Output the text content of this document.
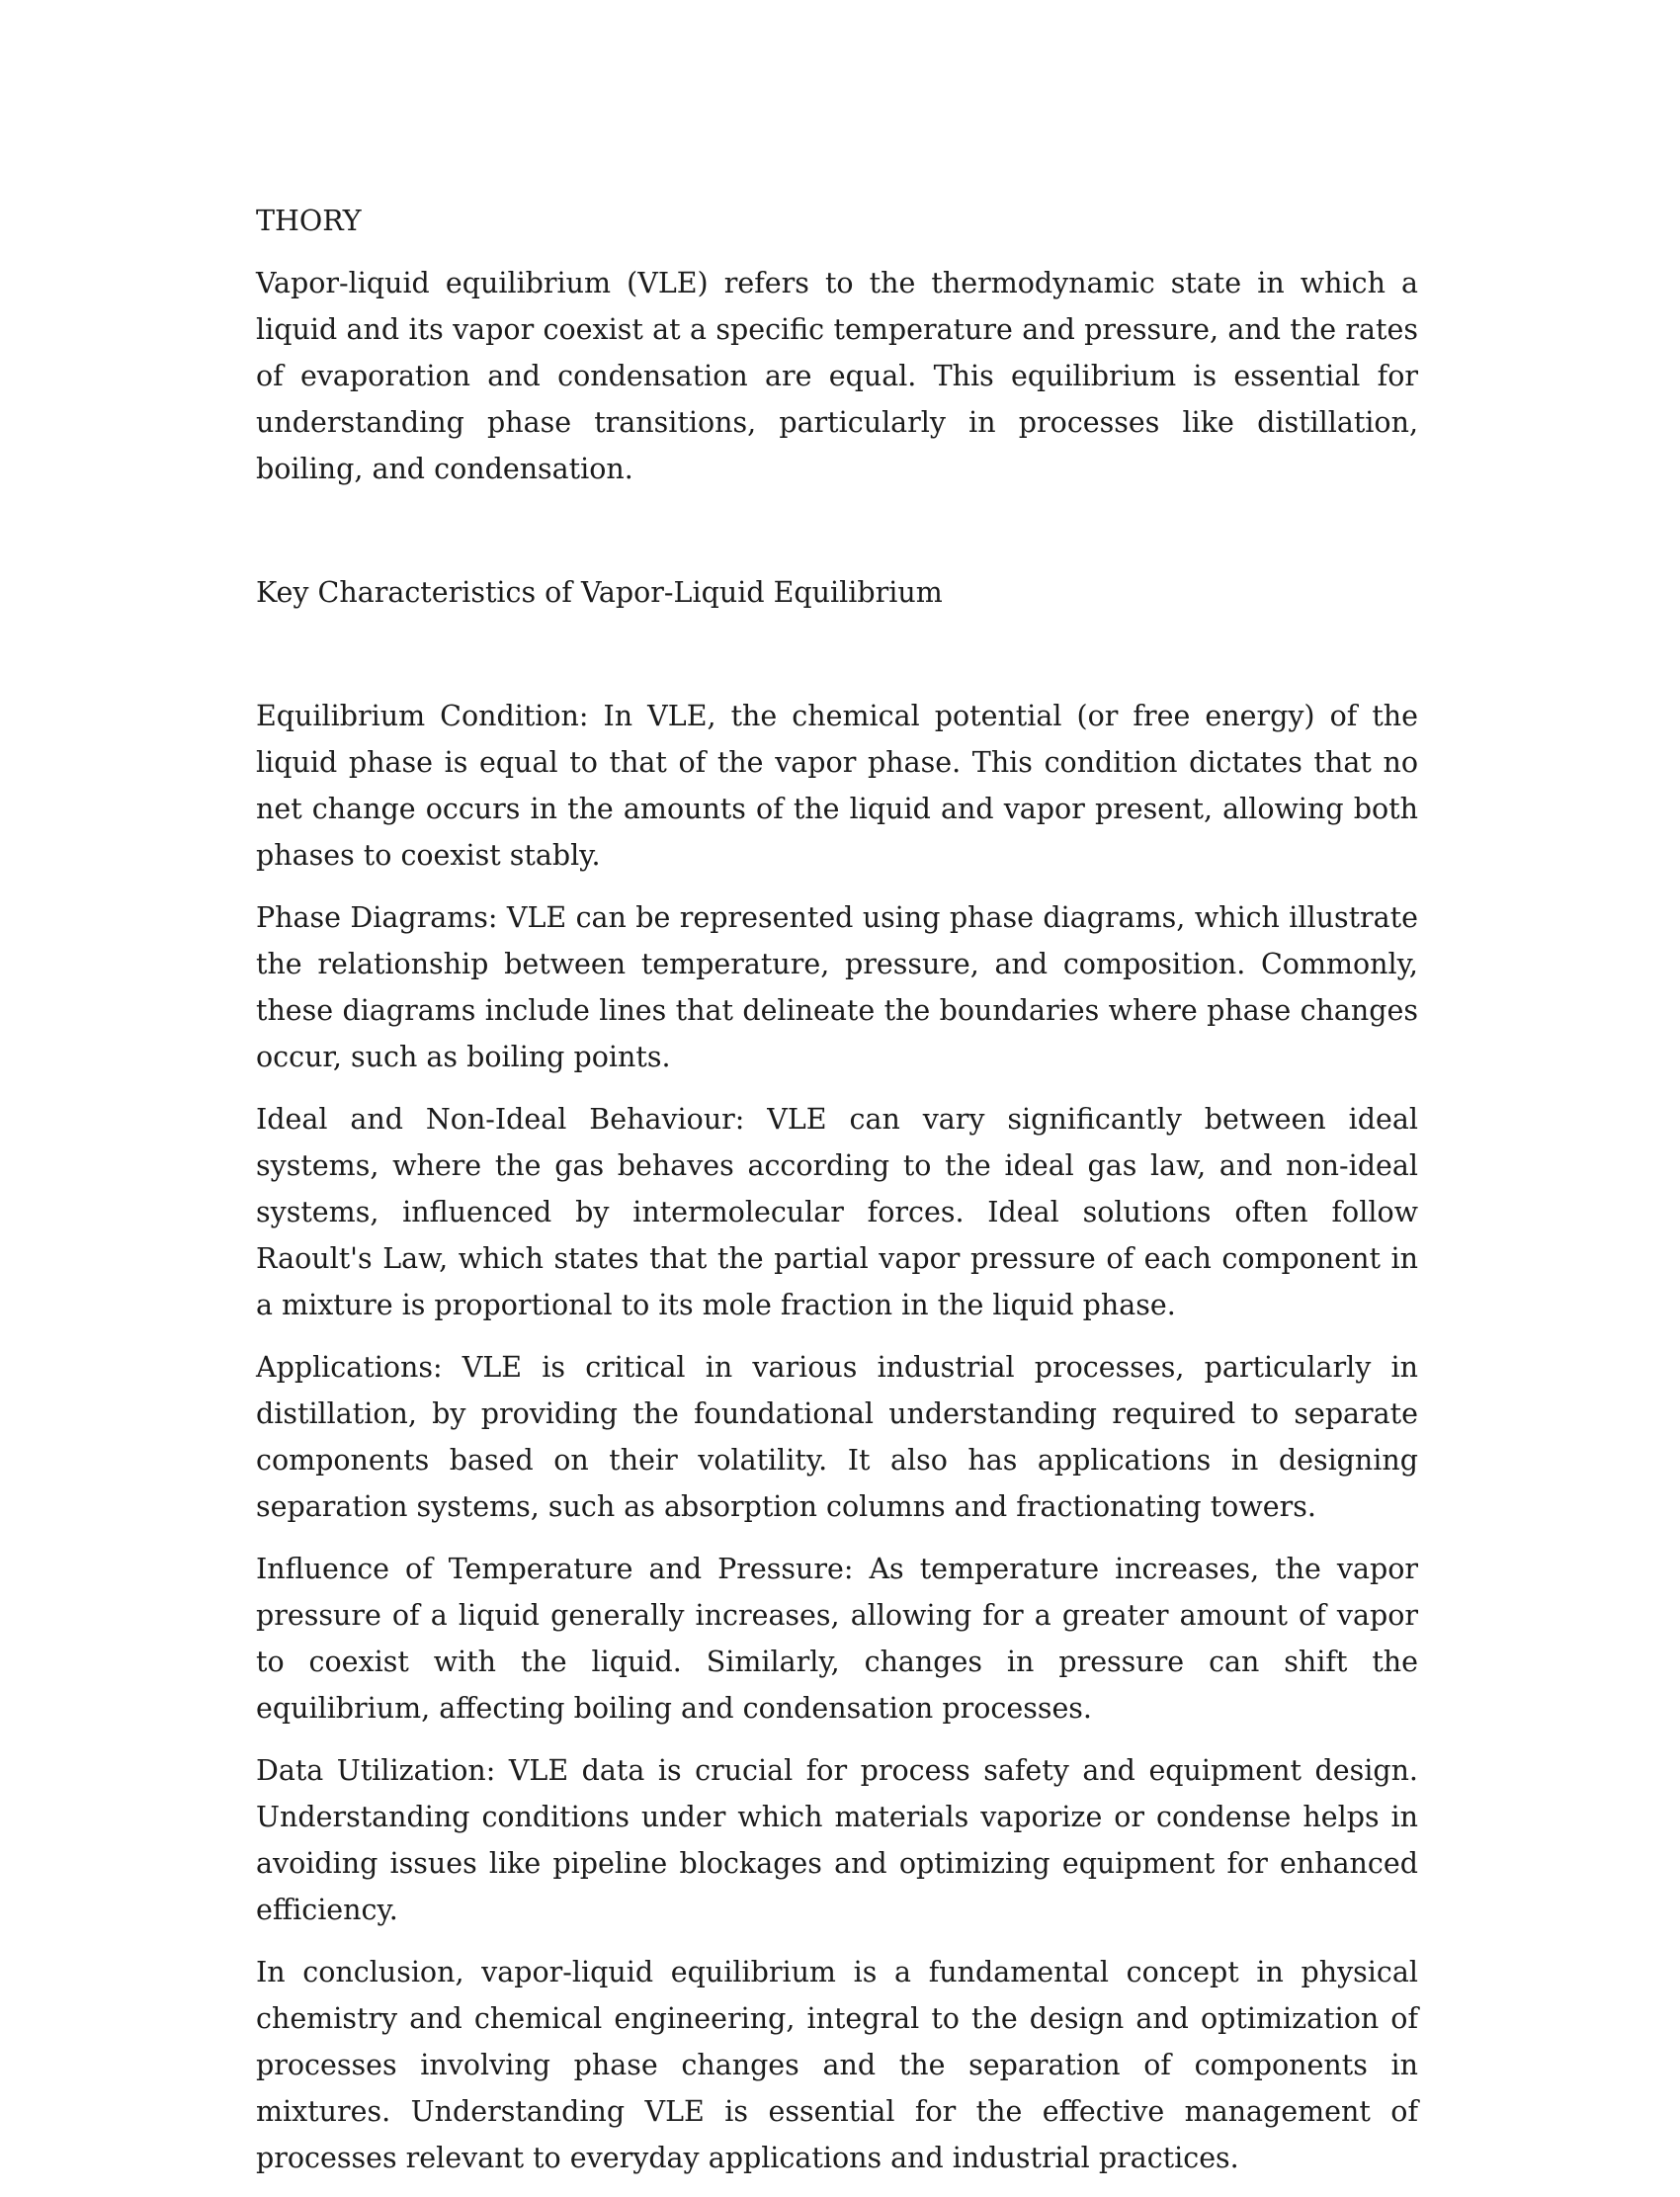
THORY

Vapor-liquid equilibrium (VLE) refers to the thermodynamic state in which a liquid and its vapor coexist at a specific temperature and pressure, and the rates of evaporation and condensation are equal. This equilibrium is essential for understanding phase transitions, particularly in processes like distillation, boiling, and condensation.

Key Characteristics of Vapor-Liquid Equilibrium

Equilibrium Condition: In VLE, the chemical potential (or free energy) of the liquid phase is equal to that of the vapor phase. This condition dictates that no net change occurs in the amounts of the liquid and vapor present, allowing both phases to coexist stably.

Phase Diagrams: VLE can be represented using phase diagrams, which illustrate the relationship between temperature, pressure, and composition. Commonly, these diagrams include lines that delineate the boundaries where phase changes occur, such as boiling points.

Ideal and Non-Ideal Behaviour: VLE can vary significantly between ideal systems, where the gas behaves according to the ideal gas law, and non-ideal systems, influenced by intermolecular forces. Ideal solutions often follow Raoult's Law, which states that the partial vapor pressure of each component in a mixture is proportional to its mole fraction in the liquid phase.

Applications: VLE is critical in various industrial processes, particularly in distillation, by providing the foundational understanding required to separate components based on their volatility. It also has applications in designing separation systems, such as absorption columns and fractionating towers.

Influence of Temperature and Pressure: As temperature increases, the vapor pressure of a liquid generally increases, allowing for a greater amount of vapor to coexist with the liquid. Similarly, changes in pressure can shift the equilibrium, affecting boiling and condensation processes.

Data Utilization: VLE data is crucial for process safety and equipment design. Understanding conditions under which materials vaporize or condense helps in avoiding issues like pipeline blockages and optimizing equipment for enhanced efficiency.

In conclusion, vapor-liquid equilibrium is a fundamental concept in physical chemistry and chemical engineering, integral to the design and optimization of processes involving phase changes and the separation of components in mixtures. Understanding VLE is essential for the effective management of processes relevant to everyday applications and industrial practices.
